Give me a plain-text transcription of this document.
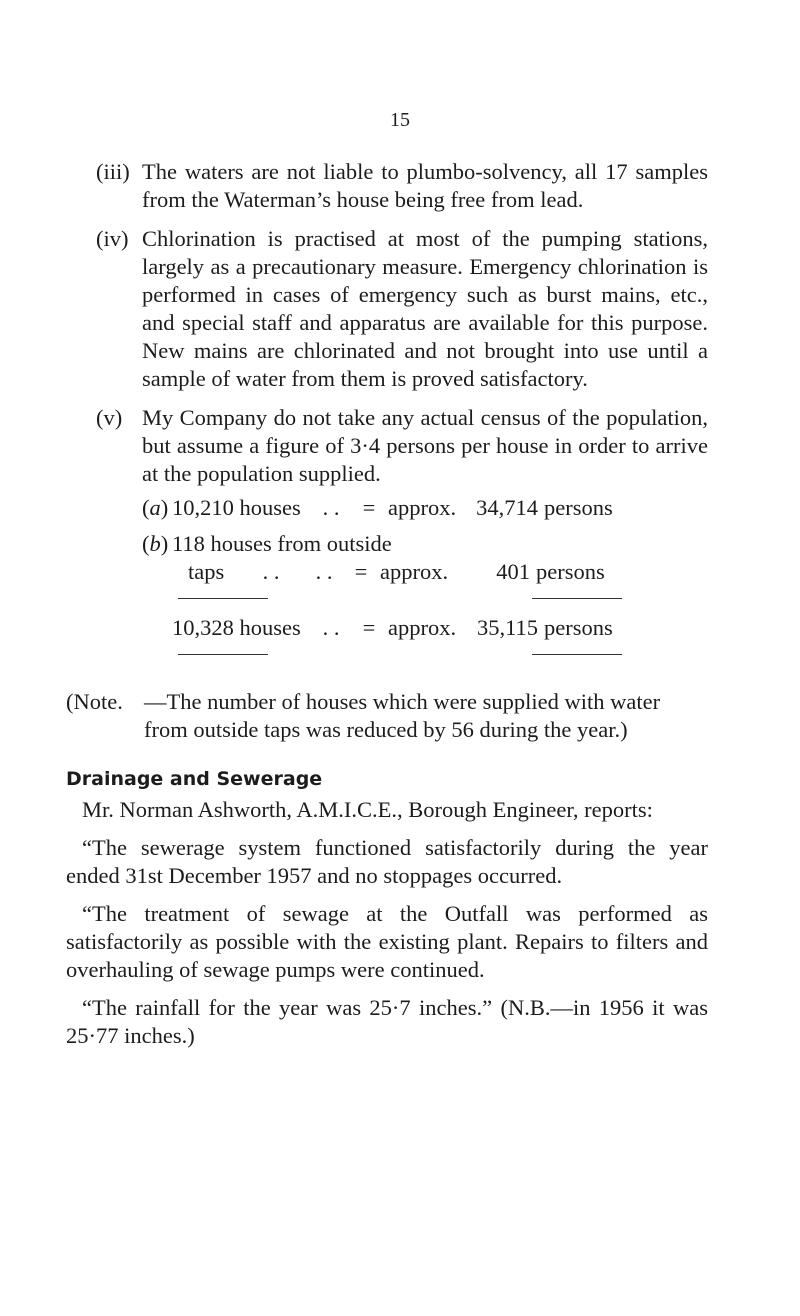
15
(iii) The waters are not liable to plumbo-solvency, all 17 samples from the Waterman’s house being free from lead.
(iv) Chlorination is practised at most of the pumping stations, largely as a precautionary measure. Emergency chlorination is performed in cases of emergency such as burst mains, etc., and special staff and apparatus are available for this purpose. New mains are chlorinated and not brought into use until a sample of water from them is proved satisfactory.
(v) My Company do not take any actual census of the population, but assume a figure of 3·4 persons per house in order to arrive at the population supplied.
(a) 10,210 houses . .	= approx. 34,714 persons
(b) 118 houses from outside
taps	. .	. . = approx.	401 persons
10,328 houses . .	= approx. 35,115 persons
(Note. —The number of houses which were supplied with water from outside taps was reduced by 56 during the year.)
Drainage and Sewerage
Mr. Norman Ashworth, A.M.I.C.E., Borough Engineer, reports:
“The sewerage system functioned satisfactorily during the year ended 31st December 1957 and no stoppages occurred.
“The treatment of sewage at the Outfall was performed as satisfactorily as possible with the existing plant. Repairs to filters and overhauling of sewage pumps were continued.
“The rainfall for the year was 25·7 inches.” (N.B.—in 1956 it was 25·77 inches.)
